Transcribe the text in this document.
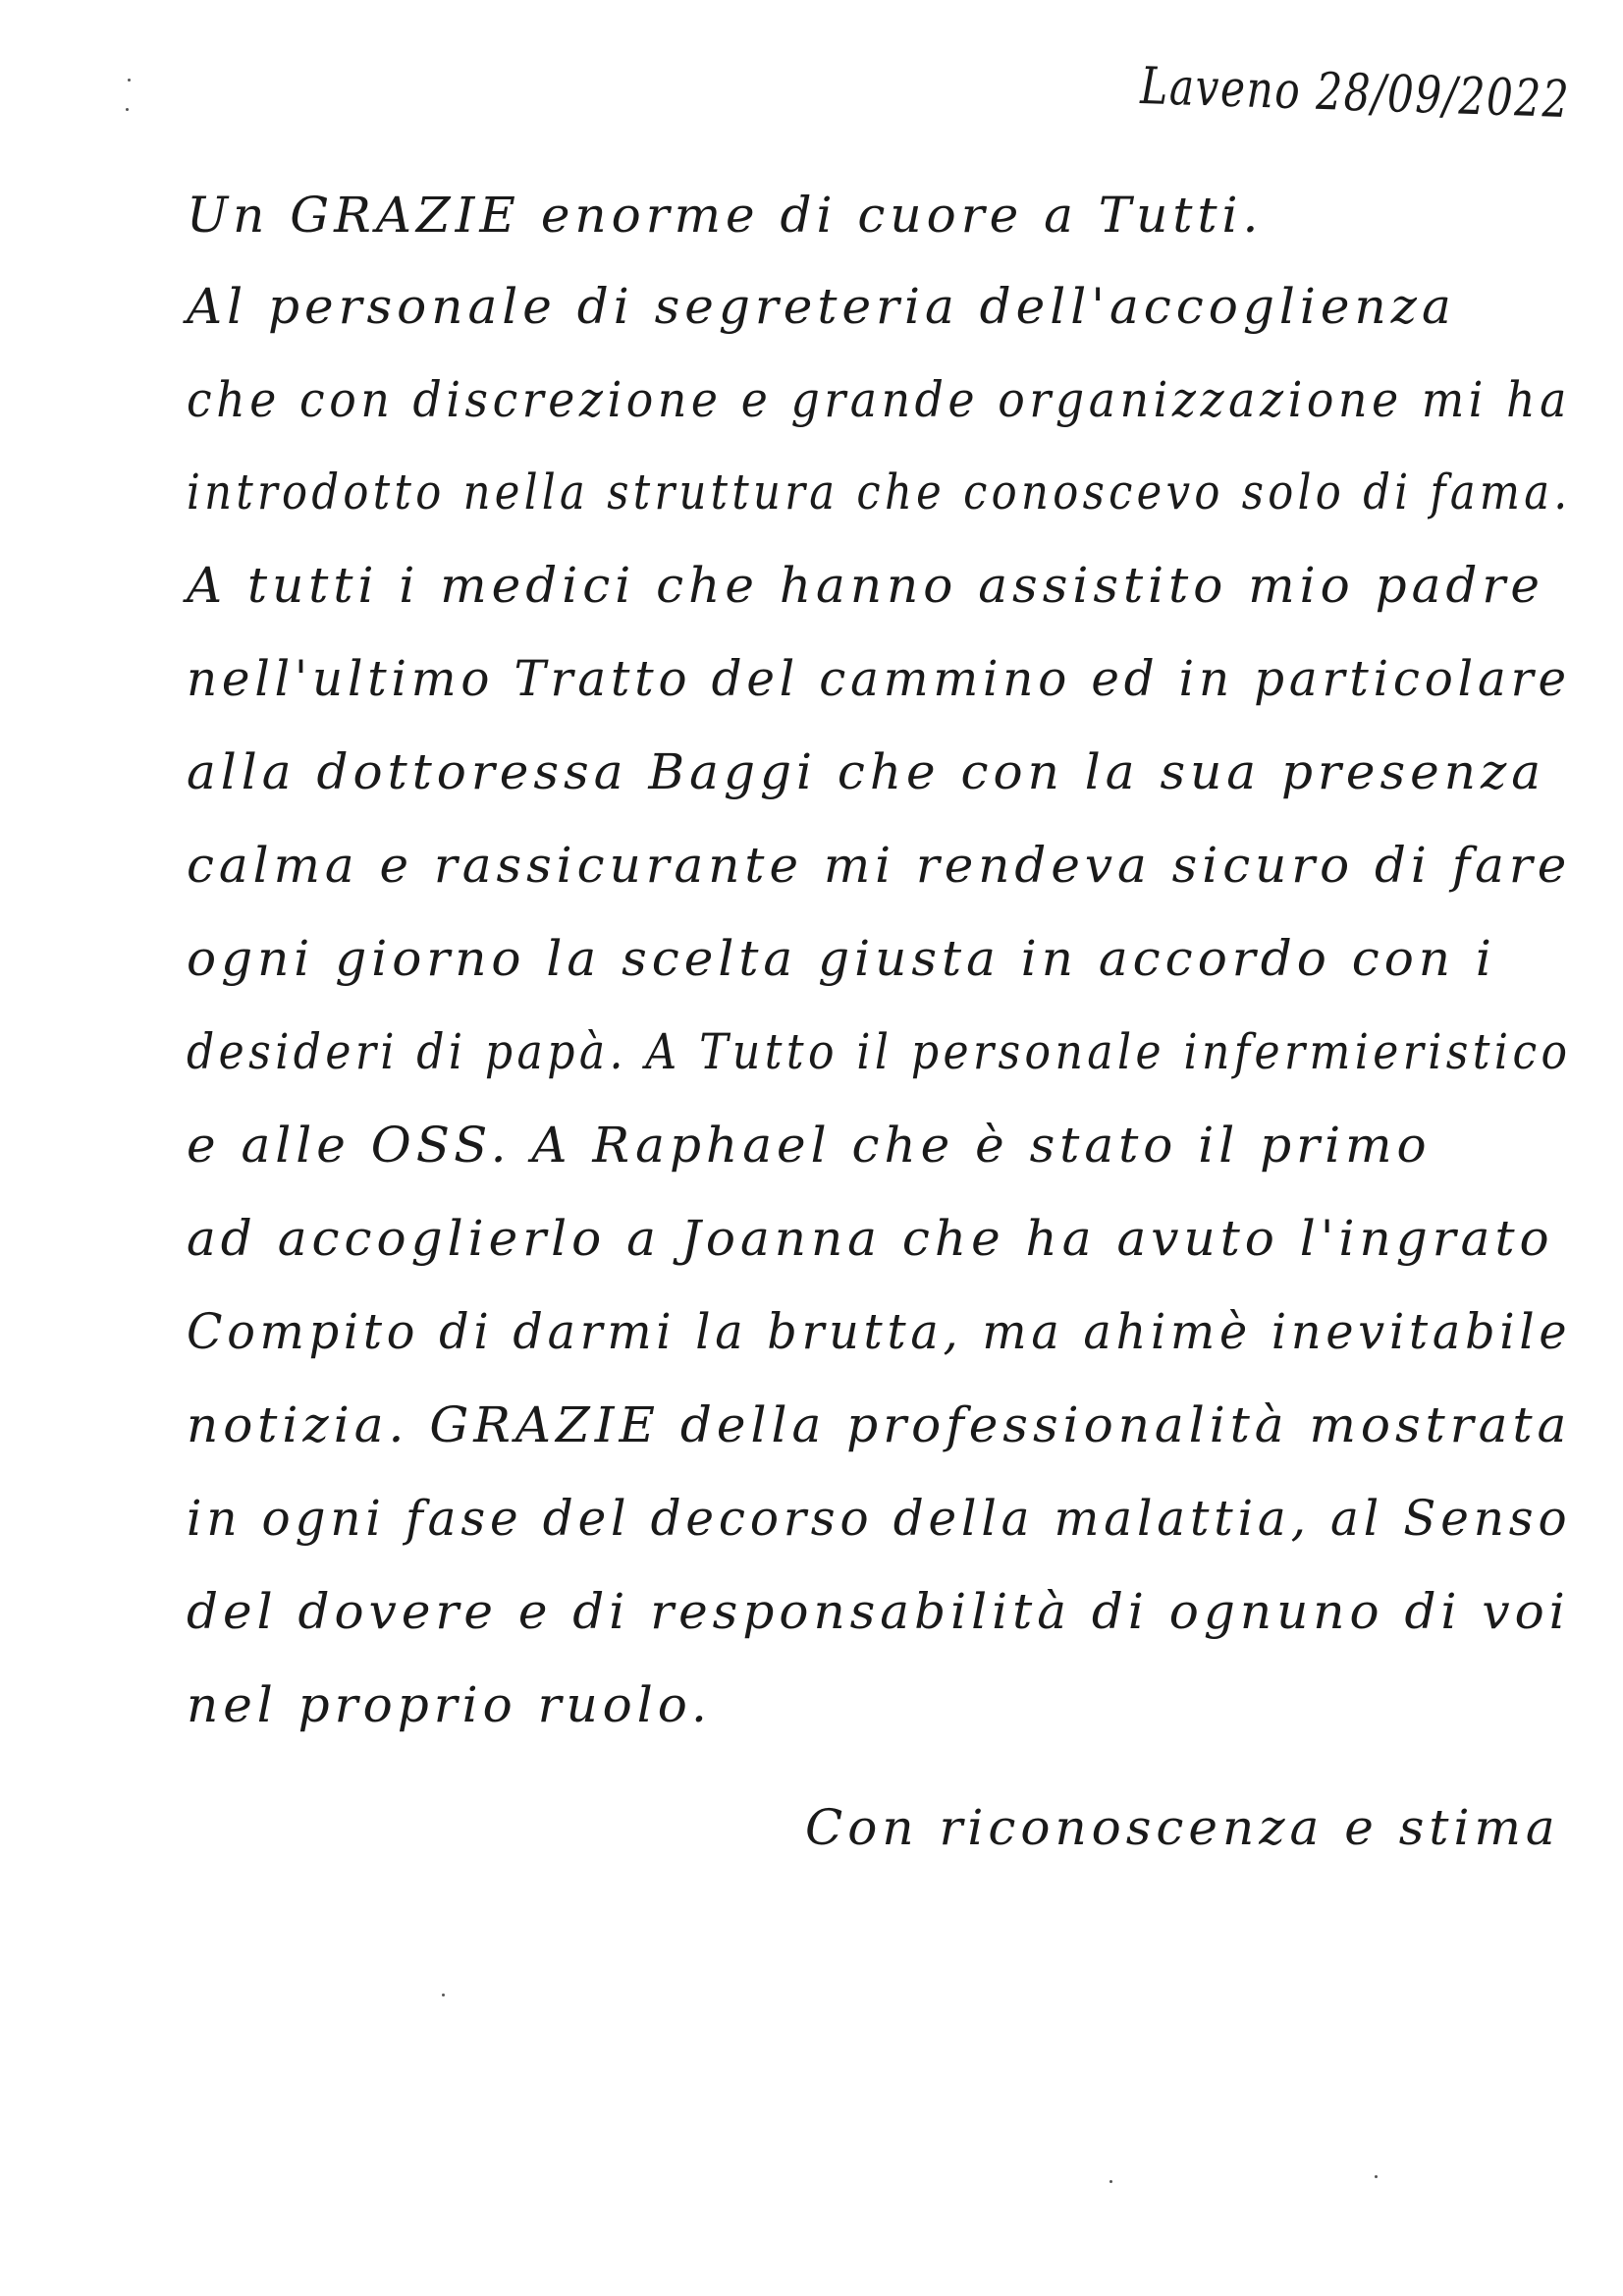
Laveno 28/09/2022
Un GRAZIE enorme di cuore a Tutti.
Al personale di segreteria dell'accoglienza
che con discrezione e grande organizzazione mi ha
introdotto nella struttura che conoscevo solo di fama.
A tutti i medici che hanno assistito mio padre
nell'ultimo Tratto del cammino ed in particolare
alla dottoressa Baggi che con la sua presenza
calma e rassicurante mi rendeva sicuro di fare
ogni giorno la scelta giusta in accordo con i
desideri di papà. A Tutto il personale infermieristico
e alle OSS. A Raphael che è stato il primo
ad accoglierlo a Joanna che ha avuto l'ingrato
Compito di darmi la brutta, ma ahimè inevitabile
notizia. GRAZIE della professionalità mostrata
in ogni fase del decorso della malattia, al Senso
del dovere e di responsabilità di ognuno di voi
nel proprio ruolo.
Con riconoscenza e stima
